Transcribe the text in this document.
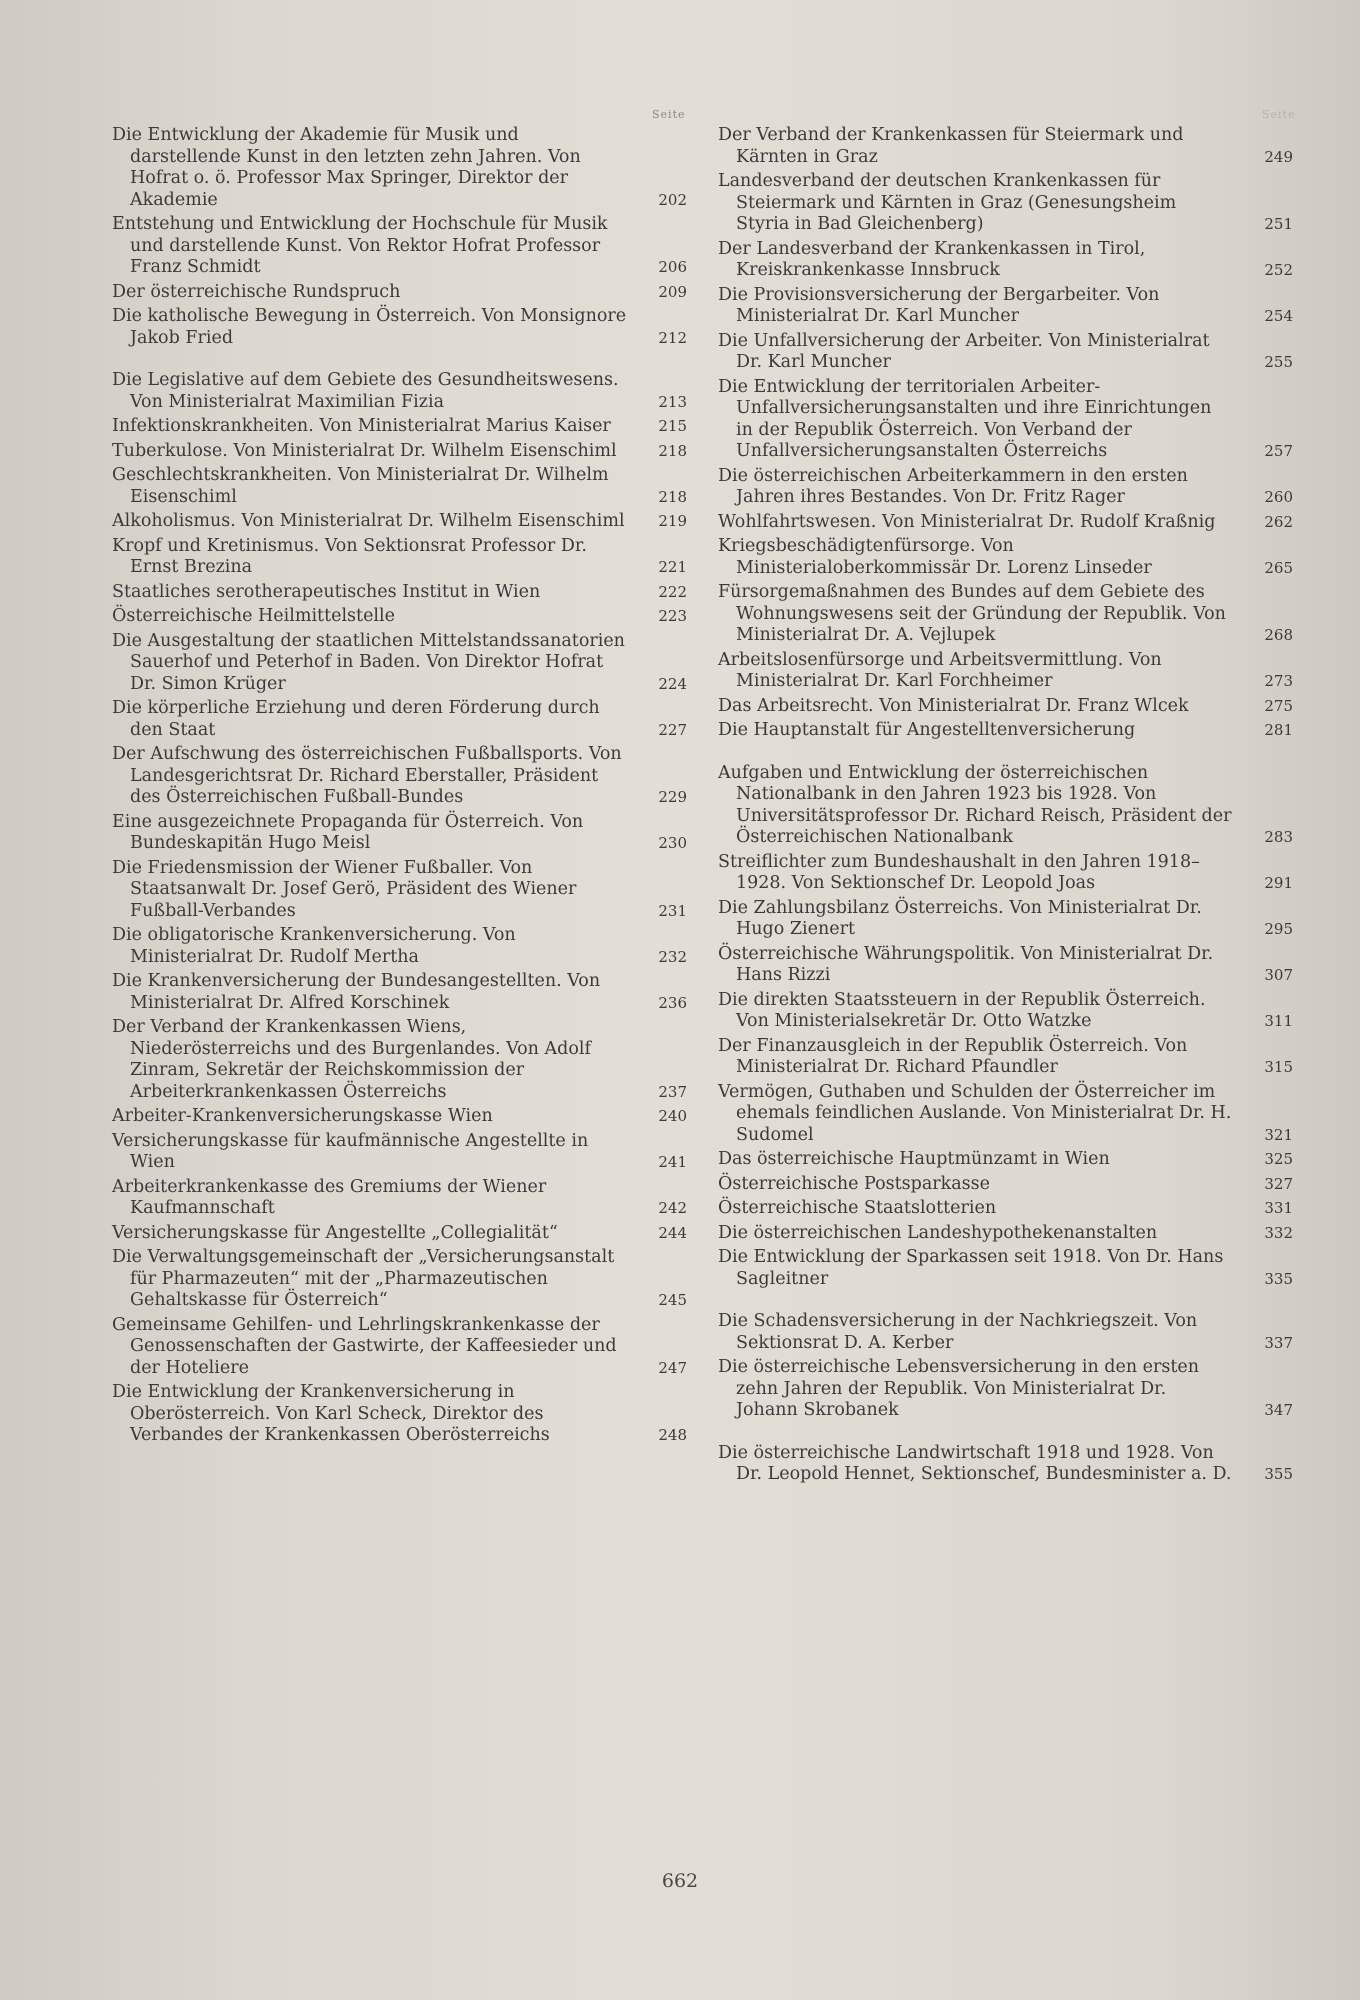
Seite	Seite
Die Entwicklung der Akademie für Musik und darstellende Kunst in den letzten zehn Jahren. Von Hofrat o. ö. Professor Max Springer, Direktor der Akademie	202
Entstehung und Entwicklung der Hochschule für Musik und darstellende Kunst. Von Rektor Hofrat Professor Franz Schmidt	206
Der österreichische Rundspruch	209
Die katholische Bewegung in Österreich. Von Monsignore Jakob Fried	212
Die Legislative auf dem Gebiete des Gesundheitswesens. Von Ministerialrat Maximilian Fizia	213
Infektionskrankheiten. Von Ministerialrat Marius Kaiser	215
Tuberkulose. Von Ministerialrat Dr. Wilhelm Eisenschiml	218
Geschlechtskrankheiten. Von Ministerialrat Dr. Wilhelm Eisenschiml	218
Alkoholismus. Von Ministerialrat Dr. Wilhelm Eisenschiml	219
Kropf und Kretinismus. Von Sektionsrat Professor Dr. Ernst Brezina	221
Staatliches serotherapeutisches Institut in Wien	222
Österreichische Heilmittelstelle	223
Die Ausgestaltung der staatlichen Mittelstandssanatorien Sauerhof und Peterhof in Baden. Von Direktor Hofrat Dr. Simon Krüger	224
Die körperliche Erziehung und deren Förderung durch den Staat	227
Der Aufschwung des österreichischen Fußballsports. Von Landesgerichtsrat Dr. Richard Eberstaller, Präsident des Österreichischen Fußball-Bundes	229
Eine ausgezeichnete Propaganda für Österreich. Von Bundeskapitän Hugo Meisl	230
Die Friedensmission der Wiener Fußballer. Von Staatsanwalt Dr. Josef Gerö, Präsident des Wiener Fußball-Verbandes	231
Die obligatorische Krankenversicherung. Von Ministerialrat Dr. Rudolf Mertha	232
Die Krankenversicherung der Bundesangestellten. Von Ministerialrat Dr. Alfred Korschinek	236
Der Verband der Krankenkassen Wiens, Niederösterreichs und des Burgenlandes. Von Adolf Zinram, Sekretär der Reichskommission der Arbeiterkrankenkassen Österreichs	237
Arbeiter-Krankenversicherungskasse Wien	240
Versicherungskasse für kaufmännische Angestellte in Wien	241
Arbeiterkrankenkasse des Gremiums der Wiener Kaufmannschaft	242
Versicherungskasse für Angestellte „Collegialität“	244
Die Verwaltungsgemeinschaft der „Versicherungsanstalt für Pharmazeuten“ mit der „Pharmazeutischen Gehaltskasse für Österreich“	245
Gemeinsame Gehilfen- und Lehrlingskrankenkasse der Genossenschaften der Gastwirte, der Kaffeesieder und der Hoteliere	247
Die Entwicklung der Krankenversicherung in Oberösterreich. Von Karl Scheck, Direktor des Verbandes der Krankenkassen Oberösterreichs	248
Der Verband der Krankenkassen für Steiermark und Kärnten in Graz	249
Landesverband der deutschen Krankenkassen für Steiermark und Kärnten in Graz (Genesungsheim Styria in Bad Gleichenberg)	251
Der Landesverband der Krankenkassen in Tirol, Kreiskrankenkasse Innsbruck	252
Die Provisionsversicherung der Bergarbeiter. Von Ministerialrat Dr. Karl Muncher	254
Die Unfallversicherung der Arbeiter. Von Ministerialrat Dr. Karl Muncher	255
Die Entwicklung der territorialen Arbeiter-Unfallversicherungsanstalten und ihre Einrichtungen in der Republik Österreich. Von Verband der Unfallversicherungsanstalten Österreichs	257
Die österreichischen Arbeiterkammern in den ersten Jahren ihres Bestandes. Von Dr. Fritz Rager	260
Wohlfahrtswesen. Von Ministerialrat Dr. Rudolf Kraßnig	262
Kriegsbeschädigtenfürsorge. Von Ministerialoberkommissär Dr. Lorenz Linseder	265
Fürsorgemaßnahmen des Bundes auf dem Gebiete des Wohnungswesens seit der Gründung der Republik. Von Ministerialrat Dr. A. Vejlupek	268
Arbeitslosenfürsorge und Arbeitsvermittlung. Von Ministerialrat Dr. Karl Forchheimer	273
Das Arbeitsrecht. Von Ministerialrat Dr. Franz Wlcek	275
Die Hauptanstalt für Angestelltenversicherung	281
Aufgaben und Entwicklung der österreichischen Nationalbank in den Jahren 1923 bis 1928. Von Universitätsprofessor Dr. Richard Reisch, Präsident der Österreichischen Nationalbank	283
Streiflichter zum Bundeshaushalt in den Jahren 1918–1928. Von Sektionschef Dr. Leopold Joas	291
Die Zahlungsbilanz Österreichs. Von Ministerialrat Dr. Hugo Zienert	295
Österreichische Währungspolitik. Von Ministerialrat Dr. Hans Rizzi	307
Die direkten Staatssteuern in der Republik Österreich. Von Ministerialsekretär Dr. Otto Watzke	311
Der Finanzausgleich in der Republik Österreich. Von Ministerialrat Dr. Richard Pfaundler	315
Vermögen, Guthaben und Schulden der Österreicher im ehemals feindlichen Auslande. Von Ministerialrat Dr. H. Sudomel	321
Das österreichische Hauptmünzamt in Wien	325
Österreichische Postsparkasse	327
Österreichische Staatslotterien	331
Die österreichischen Landeshypothekenanstalten	332
Die Entwicklung der Sparkassen seit 1918. Von Dr. Hans Sagleitner	335
Die Schadensversicherung in der Nachkriegszeit. Von Sektionsrat D. A. Kerber	337
Die österreichische Lebensversicherung in den ersten zehn Jahren der Republik. Von Ministerialrat Dr. Johann Skrobanek	347
Die österreichische Landwirtschaft 1918 und 1928. Von Dr. Leopold Hennet, Sektionschef, Bundesminister a. D.	355
662
